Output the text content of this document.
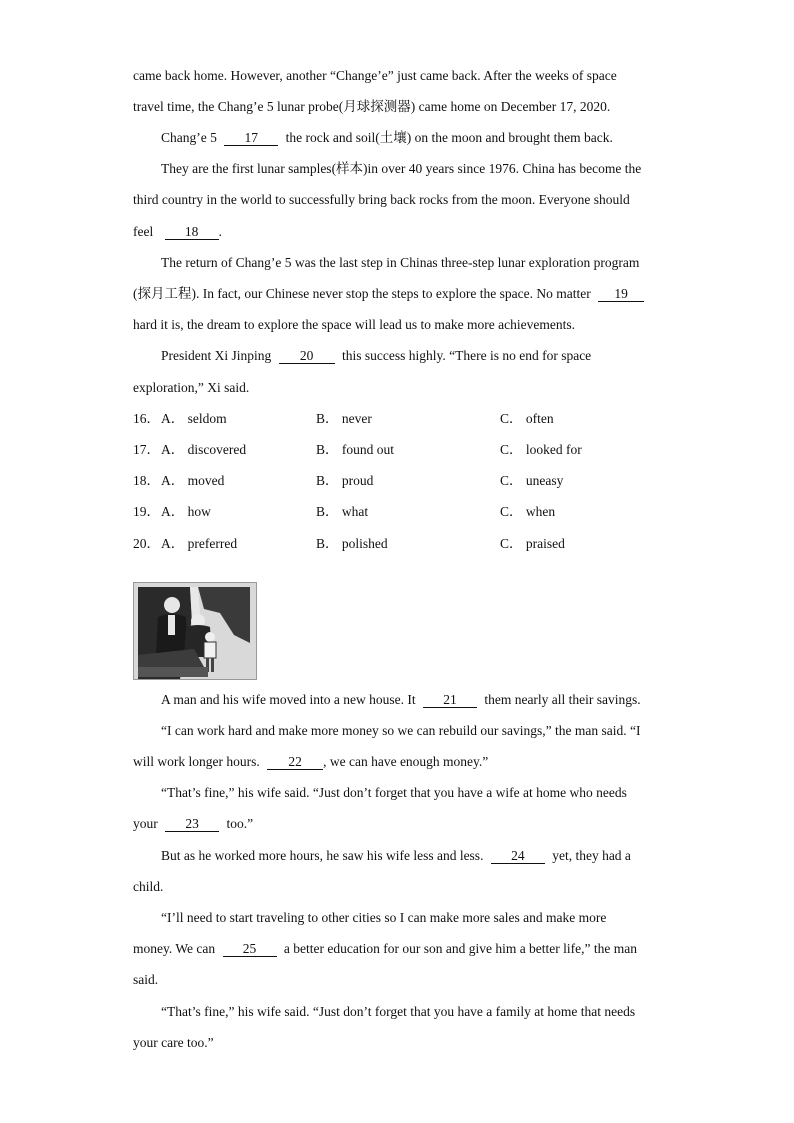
came back home. However, another “Change’e” just came back. After the weeks of space
travel time, the Chang’e 5 lunar probe(月球探测器) came home on December 17, 2020.
Chang’e 5 17 the rock and soil(土壤) on the moon and brought them back.
They are the first lunar samples(样本)in over 40 years since 1976. China has become the
third country in the world to successfully bring back rocks from the moon. Everyone should
feel 18 .
The return of Chang’e 5 was the last step in Chinas three-step lunar exploration program
(探月工程). In fact, our Chinese never stop the steps to explore the space. No matter 19
hard it is, the dream to explore the space will lead us to make more achievements.
President Xi Jinping 20 this success highly. “There is no end for space
exploration,” Xi said.
16． A． seldom	B． never	C． often
17． A． discovered	B． found out	C． looked for
18． A． moved	B． proud	C． uneasy
19． A． how	B． what	C． when
20． A． preferred	B． polished	C． praised
A man and his wife moved into a new house. It 21 them nearly all their savings.
“I can work hard and make more money so we can rebuild our savings,” the man said. “I
will work longer hours. 22 , we can have enough money.”
“That’s fine,” his wife said. “Just don’t forget that you have a wife at home who needs
your 23 too.”
But as he worked more hours, he saw his wife less and less. 24 yet, they had a
child.
“I’ll need to start traveling to other cities so I can make more sales and make more
money. We can 25 a better education for our son and give him a better life,” the man
said.
“That’s fine,” his wife said. “Just don’t forget that you have a family at home that needs
your care too.”
